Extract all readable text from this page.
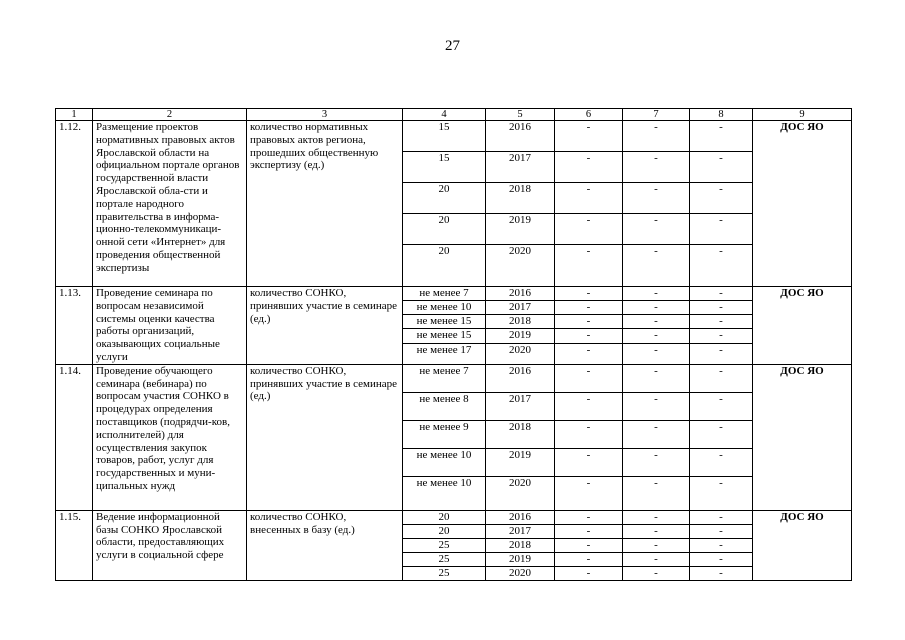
27
1	2	3	4	5	6	7	8	9
1.12.	Размещение проектов нормативных правовых актов Ярославской области на официальном портале органов государственной власти Ярославской обла-сти и портале народного правительства в информа-ционно-телекоммуникаци-онной сети «Интернет» для проведения общественной экспертизы	количество нормативных правовых актов региона, прошедших общественную экспертизу (ед.)	15	2016	-	-	-	ДОС ЯО
			15	2017	-	-	-	
			20	2018	-	-	-	
			20	2019	-	-	-	
			20	2020	-	-	-	
1.13.	Проведение семинара по вопросам независимой системы оценки качества работы организаций, оказывающих социальные услуги	количество СОНКО, принявших участие в семинаре (ед.)	не менее 7	2016	-	-	-	ДОС ЯО
			не менее 10	2017	-	-	-	
			не менее 15	2018	-	-	-	
			не менее 15	2019	-	-	-	
			не менее 17	2020	-	-	-	
1.14.	Проведение обучающего семинара (вебинара) по вопросам участия СОНКО в процедурах определения поставщиков (подрядчи-ков, исполнителей) для осуществления закупок товаров, работ, услуг для государственных и муни-ципальных нужд	количество СОНКО, принявших участие в семинаре (ед.)	не менее 7	2016	-	-	-	ДОС ЯО
			не менее 8	2017	-	-	-	
			не менее 9	2018	-	-	-	
			не менее 10	2019	-	-	-	
			не менее 10	2020	-	-	-	
1.15.	Ведение информационной базы СОНКО Ярославской области, предоставляющих услуги в социальной сфере	количество СОНКО, внесенных в базу (ед.)	20	2016	-	-	-	ДОС ЯО
			20	2017	-	-	-	
			25	2018	-	-	-	
			25	2019	-	-	-	
			25	2020	-	-	-	
